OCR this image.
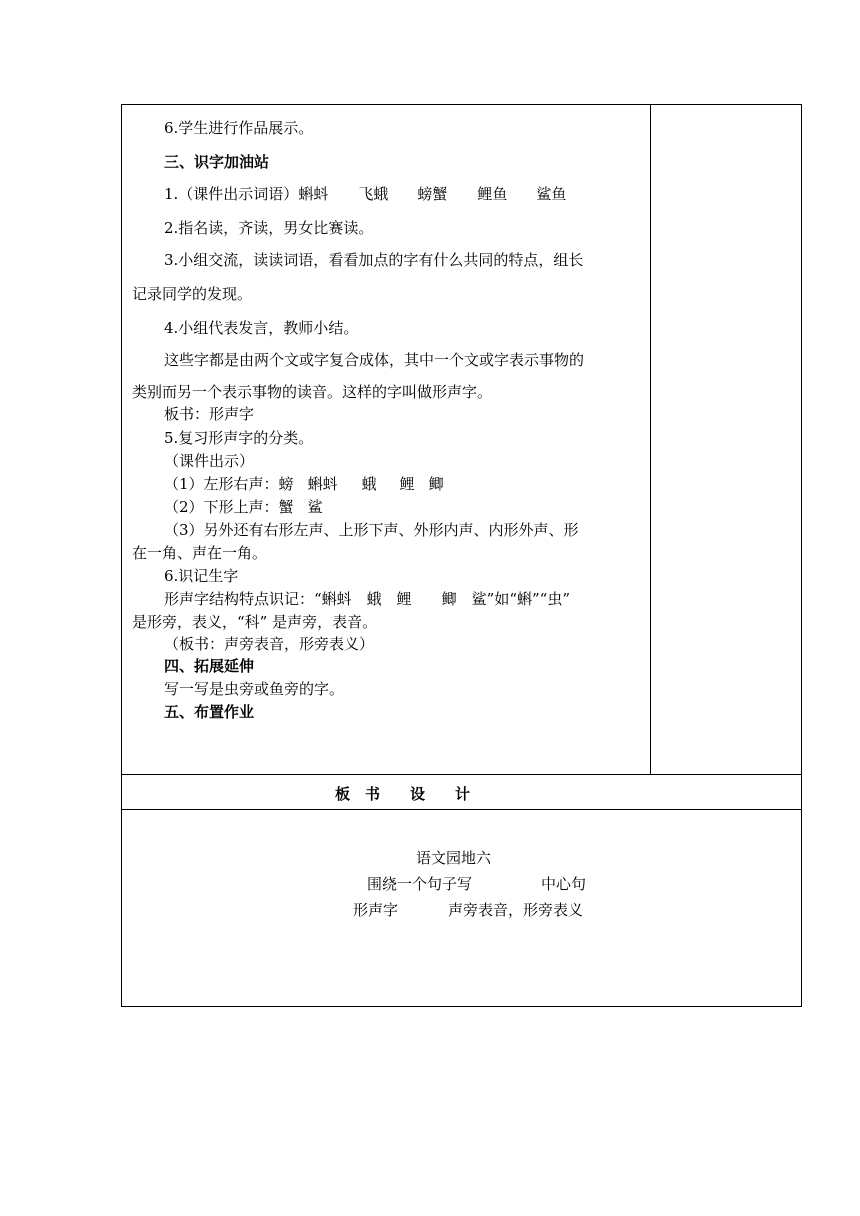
6.学生进行作品展示。
三、识字加油站
1.（课件出示词语）蝌蚪 飞蛾 螃蟹 鲤鱼 鲨鱼
2.指名读，齐读，男女比赛读。
3.小组交流，读读词语，看看加点的字有什么共同的特点，组长
记录同学的发现。
4.小组代表发言，教师小结。
这些字都是由两个文或字复合成体，其中一个文或字表示事物的
类别而另一个表示事物的读音。这样的字叫做形声字。
板书：形声字
5.复习形声字的分类。
（课件出示）
（1）左形右声：螃 蝌蚪 蛾 鲤 鲫
（2）下形上声：蟹 鲨
（3）另外还有右形左声、上形下声、外形内声、内形外声、形
在一角、声在一角。
6.识记生字
形声字结构特点识记：“蝌蚪　蛾　鲤　　鲫　鲨”如“蝌”“虫”
是形旁，表义，“科” 是声旁，表音。
（板书：声旁表音，形旁表义）
四、拓展延伸
写一写是虫旁或鱼旁的字。
五、布置作业
板　书　　设　　计
语文园地六
围绕一个句子写	中心句
形声字	声旁表音，形旁表义
